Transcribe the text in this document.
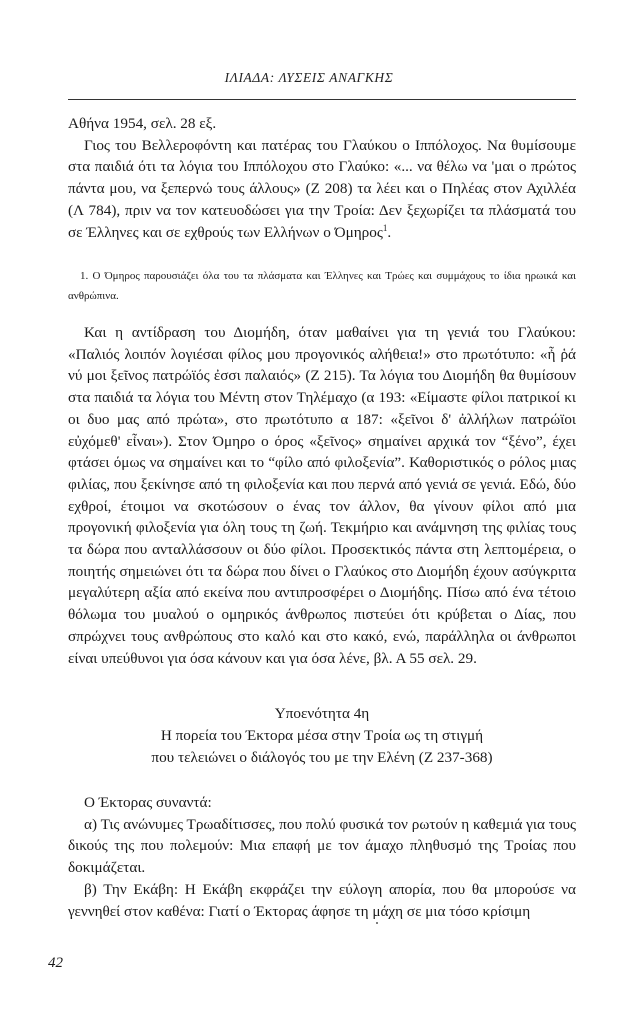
ΙΛΙΑΔΑ: ΛΥΣΕΙΣ ΑΝΑΓΚΗΣ

Αθήνα 1954, σελ. 28 εξ.

Γιος του Βελλεροφόντη και πατέρας του Γλαύκου ο Ιππόλοχος. Να θυμίσουμε στα παιδιά ότι τα λόγια του Ιππόλοχου στο Γλαύκο: «... να θέλω να 'μαι ο πρώτος πάντα μου, να ξεπερνώ τους άλλους» (Ζ 208) τα λέει και ο Πηλέας στον Αχιλλέα (Λ 784), πριν να τον κατευοδώσει για την Τροία: Δεν ξεχωρίζει τα πλάσματά του σε Έλληνες και σε εχθρούς των Ελλήνων ο Όμηρος$^1$.

1. Ο Όμηρος παρουσιάζει όλα του τα πλάσματα και Έλληνες και Τρώες και συμμάχους το ίδια ηρωικά και ανθρώπινα.

Και η αντίδραση του Διομήδη, όταν μαθαίνει για τη γενιά του Γλαύκου: «Παλιός λοιπόν λογιέσαι φίλος μου προγονικός αλήθεια!» στο πρωτότυπο: «ἦ ῥά νύ μοι ξεῖνος πατρώϊός ἐσσι παλαιός» (Ζ 215). Τα λόγια του Διομήδη θα θυμίσουν στα παιδιά τα λόγια του Μέντη στον Τηλέμαχο (α 193: «Είμαστε φίλοι πατρικοί κι οι δυο μας από πρώτα», στο πρωτότυπο α 187: «ξεῖνοι δ' ἀλλήλων πατρώϊοι εὐχόμεθ' εἶναι»). Στον Όμηρο ο όρος «ξεῖνος» σημαίνει αρχικά τον “ξένο”, έχει φτάσει όμως να σημαίνει και το “φίλο από φιλοξενία”. Καθοριστικός ο ρόλος μιας φιλίας, που ξεκίνησε από τη φιλοξενία και που περνά από γενιά σε γενιά. Εδώ, δύο εχθροί, έτοιμοι να σκοτώσουν ο ένας τον άλλον, θα γίνουν φίλοι από μια προγονική φιλοξενία για όλη τους τη ζωή. Τεκμήριο και ανάμνηση της φιλίας τους τα δώρα που ανταλλάσσουν οι δύο φίλοι. Προσεκτικός πάντα στη λεπτομέρεια, ο ποιητής σημειώνει ότι τα δώρα που δίνει ο Γλαύκος στο Διομήδη έχουν ασύγκριτα μεγαλύτερη αξία από εκείνα που αντιπροσφέρει ο Διομήδης. Πίσω από ένα τέτοιο θόλωμα του μυαλού ο ομηρικός άνθρωπος πιστεύει ότι κρύβεται ο Δίας, που σπρώχνει τους ανθρώπους στο καλό και στο κακό, ενώ, παράλληλα οι άνθρωποι είναι υπεύθυνοι για όσα κάνουν και για όσα λένε, βλ. Α 55 σελ. 29.

Υποενότητα 4η
Η πορεία του Έκτορα μέσα στην Τροία ως τη στιγμή
που τελειώνει ο διάλογός του με την Ελένη (Ζ 237-368)

Ο Έκτορας συναντά:

α) Τις ανώνυμες Τρωαδίτισσες, που πολύ φυσικά τον ρωτούν η καθεμιά για τους δικούς της που πολεμούν: Μια επαφή με τον άμαχο πληθυσμό της Τροίας που δοκιμάζεται.

β) Την Εκάβη: Η Εκάβη εκφράζει την εύλογη απορία, που θα μπορούσε να γεννηθεί στον καθένα: Γιατί ο Έκτορας άφησε τη μάχη σε μια τόσο κρίσιμη

42
